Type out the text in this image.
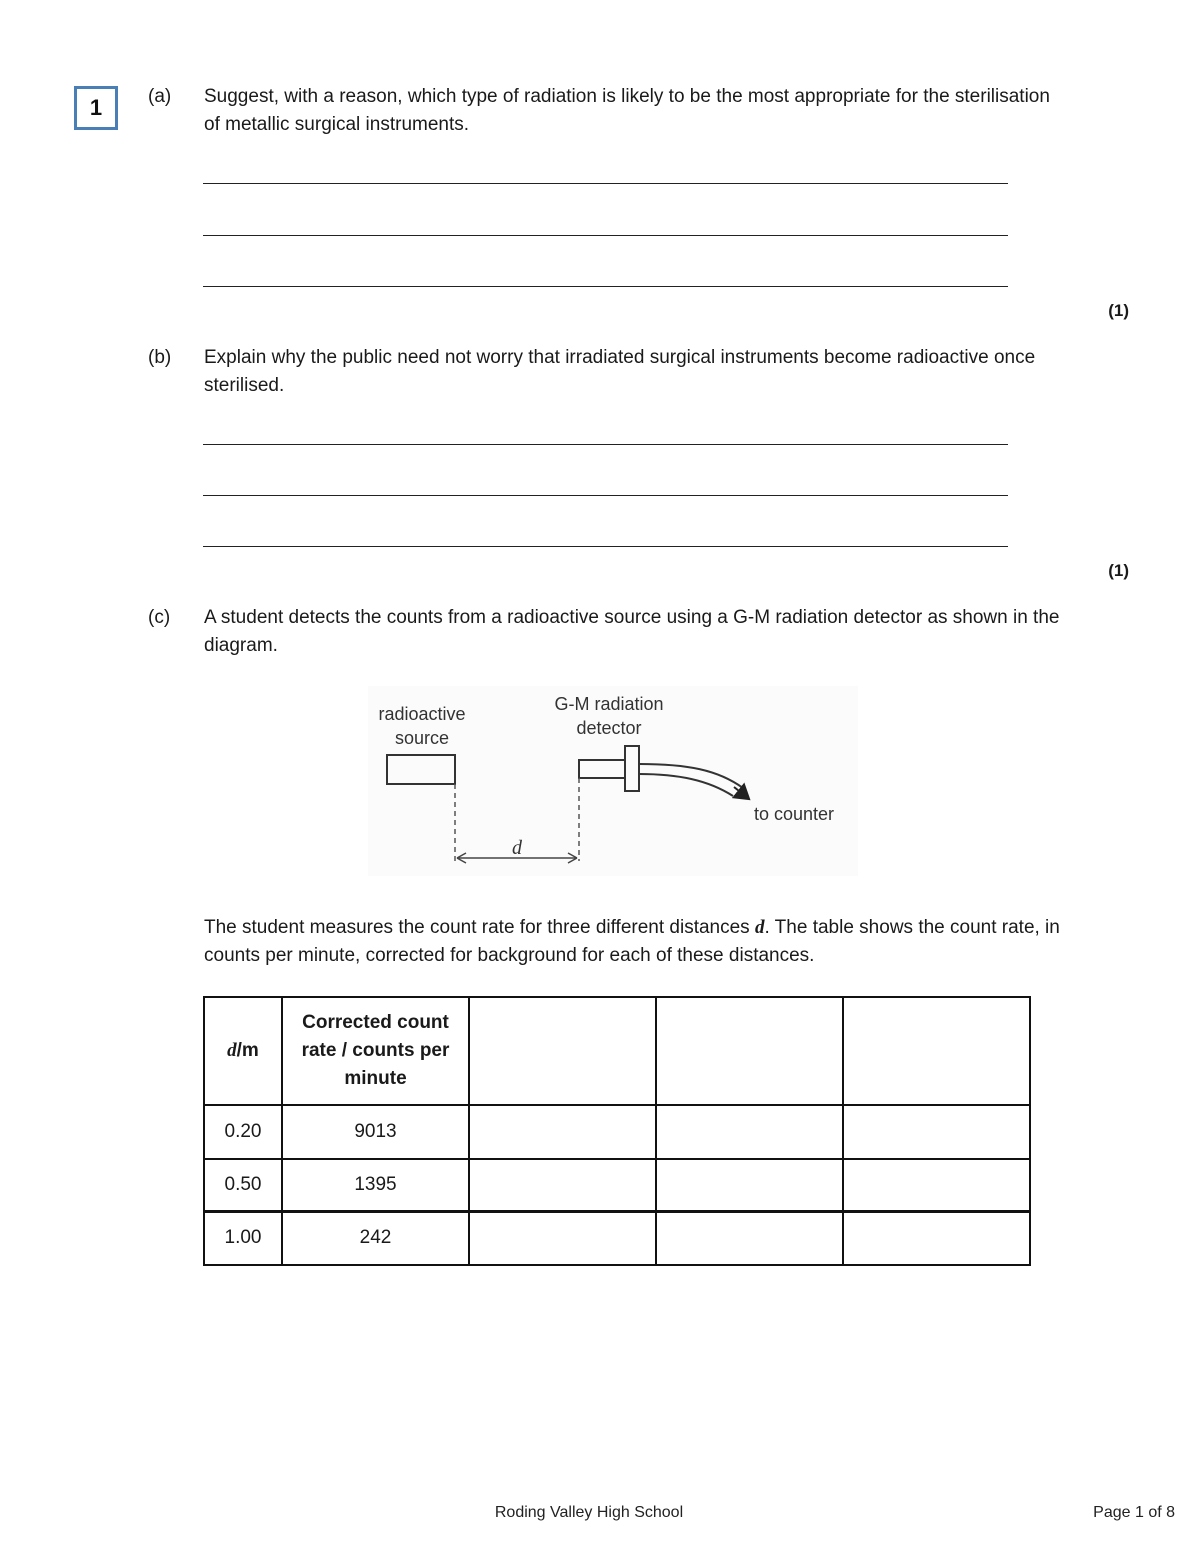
1 (a) Suggest, with a reason, which type of radiation is likely to be the most appropriate for the sterilisation of metallic surgical instruments.
(1)
(b) Explain why the public need not worry that irradiated surgical instruments become radioactive once sterilised.
(1)
(c) A student detects the counts from a radioactive source using a G-M radiation detector as shown in the diagram.
radioactive
source
G-M radiation
detector
to counter
d
The student measures the count rate for three different distances d. The table shows the count rate, in counts per minute, corrected for background for each of these distances.
d/m	Corrected count
rate / counts per
minute			

0.20	9013			
0.50	1395			
1.00	242			
Roding Valley High School	Page 1 of 8
